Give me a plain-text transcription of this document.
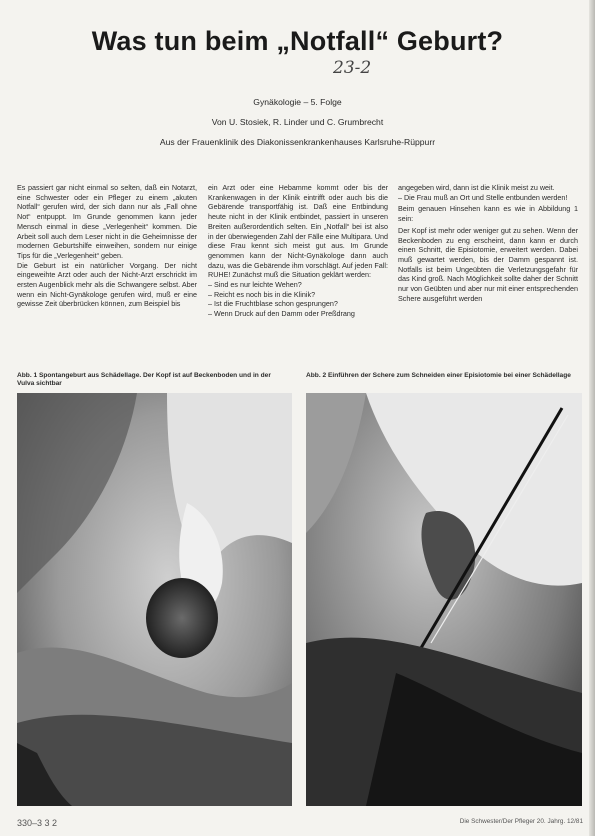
Was tun beim „Notfall“ Geburt?
23-2
Gynäkologie – 5. Folge
Von U. Stosiek, R. Linder und C. Grumbrecht
Aus der Frauenklinik des Diakonissenkrankenhauses Karlsruhe-Rüppurr

Es passiert gar nicht einmal so selten, daß ein Notarzt, eine Schwester oder ein Pfleger zu einem „akuten Notfall“ gerufen wird, der sich dann nur als „Fall ohne Not“ entpuppt. Im Grunde genommen kann jeder Mensch einmal in diese „Verlegenheit“ kommen. Die Arbeit soll auch dem Leser nicht in die Geheimnisse der modernen Geburtshilfe einweihen, sondern nur einige Tips für die „Verlegenheit“ geben.

Die Geburt ist ein natürlicher Vorgang. Der nicht eingeweihte Arzt oder auch der Nicht-Arzt erschrickt im ersten Augenblick mehr als die Schwangere selbst. Aber wenn ein Nicht-Gynäkologe gerufen wird, muß er eine gewisse Zeit überbrücken können, zum Beispiel bis

ein Arzt oder eine Hebamme kommt oder bis der Krankenwagen in der Klinik eintrifft oder auch bis die Gebärende transportfähig ist. Daß eine Entbindung heute nicht in der Klinik entbindet, passiert in unseren Breiten außerordentlich selten. Ein „Notfall“ bei ist also in der überwiegenden Zahl der Fälle eine Multipara. Und diese Frau kennt sich meist gut aus. Im Grunde genommen kann der Nicht-Gynäkologe dann auch dazu, was die Gebärende ihm vorschlägt. Auf jeden Fall: RUHE! Zunächst muß die Situation geklärt werden:

– Sind es nur leichte Wehen?

– Reicht es noch bis in die Klinik?

– Ist die Fruchtblase schon gesprungen?

– Wenn Druck auf den Damm oder Preßdrang

angegeben wird, dann ist die Klinik meist zu weit.

– Die Frau muß an Ort und Stelle entbunden werden!

Beim genauen Hinsehen kann es wie in Abbildung 1 sein:

Der Kopf ist mehr oder weniger gut zu sehen. Wenn der Beckenboden zu eng erscheint, dann kann er durch einen Schnitt, die Episiotomie, erweitert werden. Dabei muß gewartet werden, bis der Damm gespannt ist. Notfalls ist beim Ungeübten die Verletzungsgefahr für das Kind groß. Nach Möglichkeit sollte daher der Schnitt nur von Geübten und aber nur mit einer entsprechenden Schere ausgeführt werden

Abb. 1 Spontangeburt aus Schädellage. Der Kopf ist auf Beckenboden und in der Vulva sichtbar
Abb. 2 Einführen der Schere zum Schneiden einer Episiotomie bei einer Schädellage
330–3 3 2	Die Schwester/Der Pfleger 20. Jahrg. 12/81
